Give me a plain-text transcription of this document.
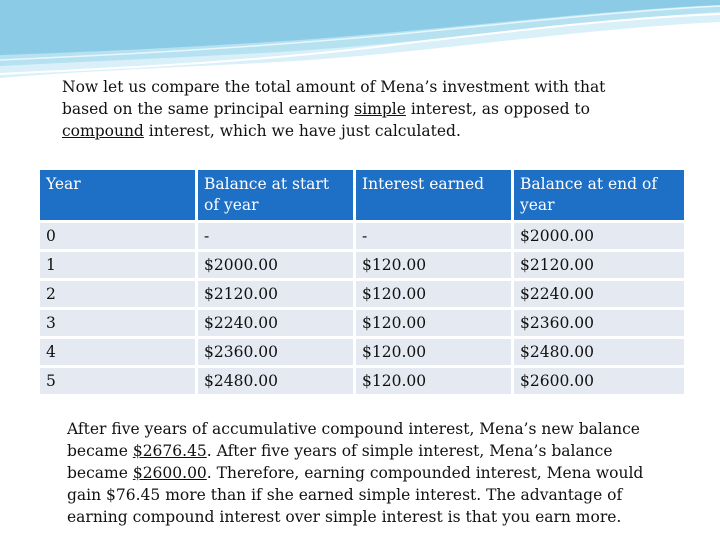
Now let us compare the total amount of Mena’s investment with that based on the same principal earning simple interest, as opposed to
compound interest, which we have just calculated.

Year	Balance at start of year	Interest earned	Balance at end of year
0	-	-	$2000.00
1	$2000.00	$120.00	$2120.00
2	$2120.00	$120.00	$2240.00
3	$2240.00	$120.00	$2360.00
4	$2360.00	$120.00	$2480.00
5	$2480.00	$120.00	$2600.00

After five years of accumulative compound interest, Mena’s new balance became $2676.45. After five years of simple interest, Mena’s balance became $2600.00. Therefore, earning compounded interest, Mena would gain $76.45 more than if she earned simple interest. The advantage of earning compound interest over simple interest is that you earn more.
